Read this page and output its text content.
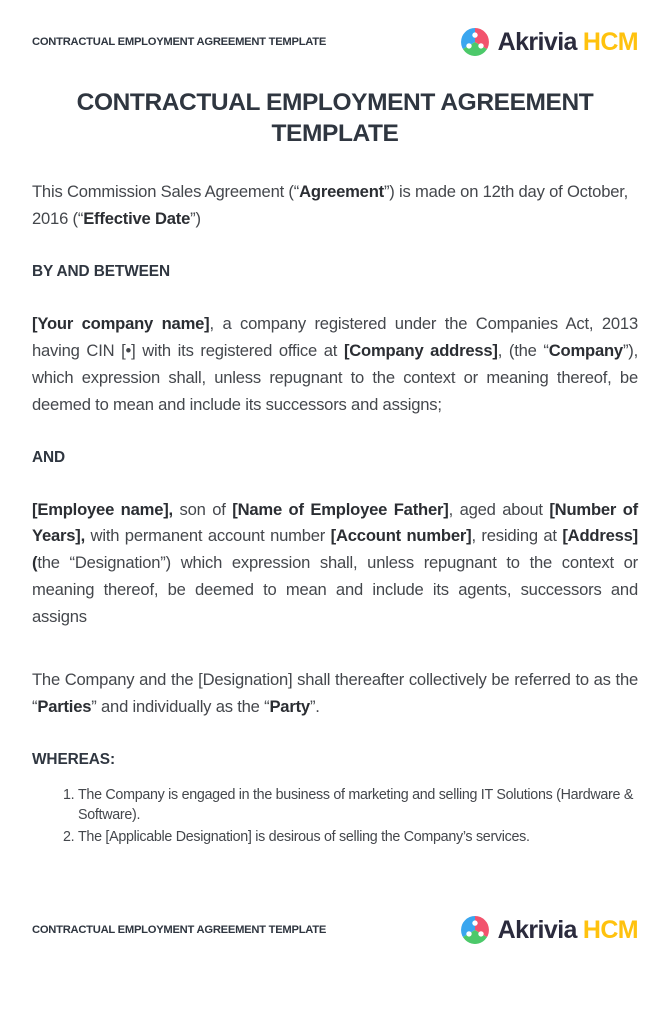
CONTRACTUAL EMPLOYMENT AGREEMENT TEMPLATE	Akrivia HCM
CONTRACTUAL EMPLOYMENT AGREEMENT TEMPLATE

This Commission Sales Agreement (“Agreement”) is made on 12th day of October, 2016 (“Effective Date”)

BY AND BETWEEN

[Your company name], a company registered under the Companies Act, 2013 having CIN [•] with its registered office at [Company address], (the “Company”), which expression shall, unless repugnant to the context or meaning thereof, be deemed to mean and include its successors and assigns;

AND

[Employee name], son of [Name of Employee Father], aged about [Number of Years], with permanent account number [Account number], residing at [Address] (the “Designation”) which expression shall, unless repugnant to the context or meaning thereof, be deemed to mean and include its agents, successors and assigns

The Company and the [Designation] shall thereafter collectively be referred to as the “Parties” and individually as the “Party”.

WHEREAS:

1. The Company is engaged in the business of marketing and selling IT Solutions (Hardware & Software).
2. The [Applicable Designation] is desirous of selling the Company’s services.
CONTRACTUAL EMPLOYMENT AGREEMENT TEMPLATE	Akrivia HCM
